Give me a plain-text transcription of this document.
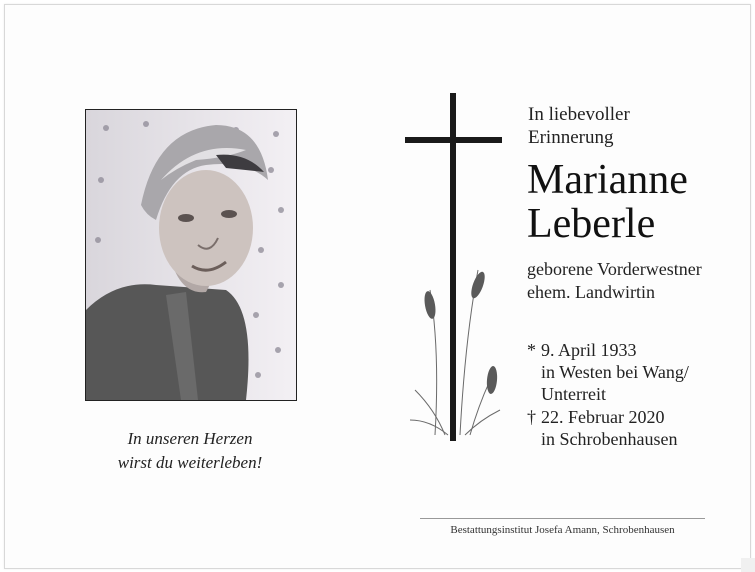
In unseren Herzen
wirst du weiterleben!
In liebevoller
Erinnerung
Marianne
Leberle
geborene Vorderwestner
ehem. Landwirtin
* 9. April 1933
in Westen bei Wang/
Unterreit
† 22. Februar 2020
in Schrobenhausen
Bestattungsinstitut Josefa Amann, Schrobenhausen
